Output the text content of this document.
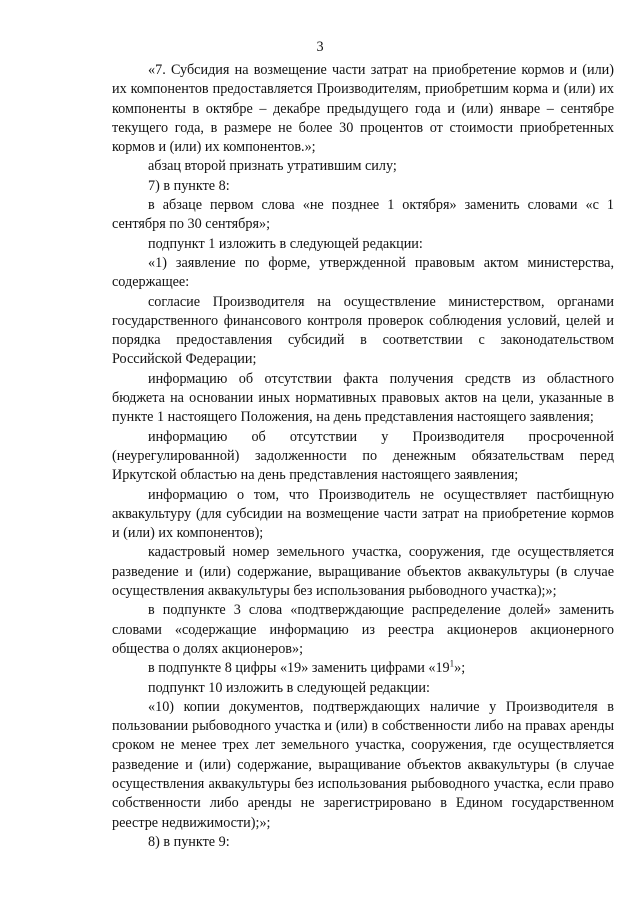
3

«7. Субсидия на возмещение части затрат на приобретение кормов и (или) их компонентов предоставляется Производителям, приобретшим корма и (или) их компоненты в октябре – декабре предыдущего года и (или) январе – сентябре текущего года, в размере не более 30 процентов от стоимости приобретенных кормов и (или) их компонентов.»;

абзац второй признать утратившим силу;

7) в пункте 8:

в абзаце первом слова «не позднее 1 октября» заменить словами «с 1 сентября по 30 сентября»;

подпункт 1 изложить в следующей редакции:

«1) заявление по форме, утвержденной правовым актом министерства, содержащее:

согласие Производителя на осуществление министерством, органами государственного финансового контроля проверок соблюдения условий, целей и порядка предоставления субсидий в соответствии с законодательством Российской Федерации;

информацию об отсутствии факта получения средств из областного бюджета на основании иных нормативных правовых актов на цели, указанные в пункте 1 настоящего Положения, на день представления настоящего заявления;

информацию об отсутствии у Производителя просроченной (неурегулированной) задолженности по денежным обязательствам перед Иркутской областью на день представления настоящего заявления;

информацию о том, что Производитель не осуществляет пастбищную аквакультуру (для субсидии на возмещение части затрат на приобретение кормов и (или) их компонентов);

кадастровый номер земельного участка, сооружения, где осуществляется разведение и (или) содержание, выращивание объектов аквакультуры (в случае осуществления аквакультуры без использования рыбоводного участка);»;

в подпункте 3 слова «подтверждающие распределение долей» заменить словами «содержащие информацию из реестра акционеров акционерного общества о долях акционеров»;

в подпункте 8 цифры «19» заменить цифрами «$19^1$»;

подпункт 10 изложить в следующей редакции:

«10) копии документов, подтверждающих наличие у Производителя в пользовании рыбоводного участка и (или) в собственности либо на правах аренды сроком не менее трех лет земельного участка, сооружения, где осуществляется разведение и (или) содержание, выращивание объектов аквакультуры (в случае осуществления аквакультуры без использования рыбоводного участка, если право собственности либо аренды не зарегистрировано в Едином государственном реестре недвижимости);»;

8) в пункте 9:
